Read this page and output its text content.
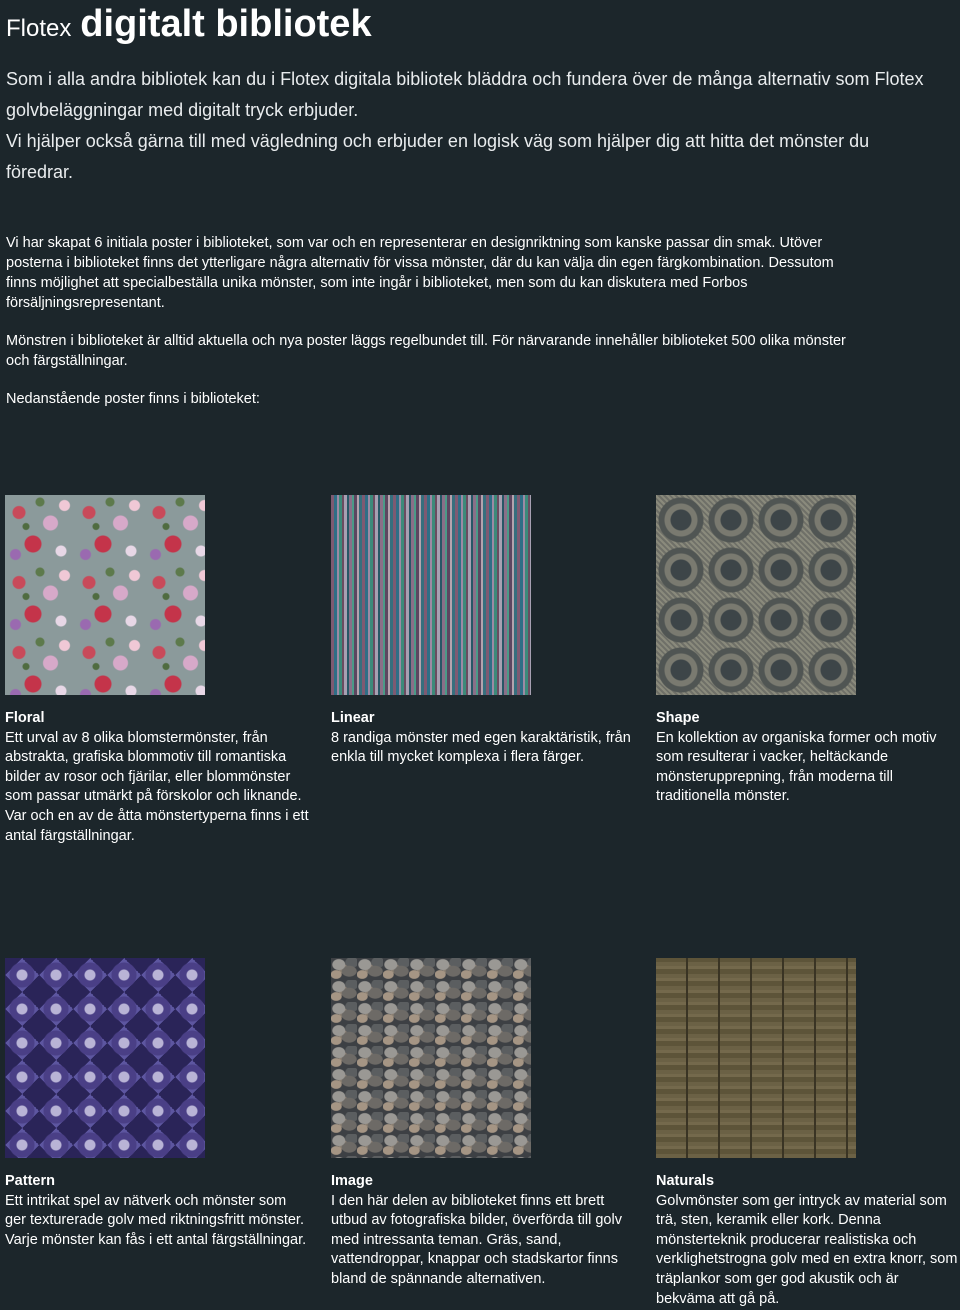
Flotex digitalt bibliotek

Som i alla andra bibliotek kan du i Flotex digitala bibliotek bläddra och fundera över de många alternativ som Flotex golvbeläggningar med digitalt tryck erbjuder.

Vi hjälper också gärna till med vägledning och erbjuder en logisk väg som hjälper dig att hitta det mönster du föredrar.

Vi har skapat 6 initiala poster i biblioteket, som var och en representerar en designriktning som kanske passar din smak. Utöver posterna i biblioteket finns det ytterligare några alternativ för vissa mönster, där du kan välja din egen färgkombination. Dessutom finns möjlighet att specialbeställa unika mönster, som inte ingår i biblioteket, men som du kan diskutera med Forbos försäljningsrepresentant.

Mönstren i biblioteket är alltid aktuella och nya poster läggs regelbundet till. För närvarande innehåller biblioteket 500 olika mönster och färgställningar.

Nedanstående poster finns i biblioteket:

Floral
Ett urval av 8 olika blomstermönster, från abstrakta, grafiska blommotiv till romantiska bilder av rosor och fjärilar, eller blommönster som passar utmärkt på förskolor och liknande. Var och en av de åtta mönstertyperna finns i ett antal färgställningar.
Linear
8 randiga mönster med egen karaktäristik, från enkla till mycket komplexa i flera färger.
Shape
En kollektion av organiska former och motiv som resulterar i vacker, heltäckande mönsterupprepning, från moderna till traditionella mönster.
Pattern
Ett intrikat spel av nätverk och mönster som ger texturerade golv med riktningsfritt mönster. Varje mönster kan fås i ett antal färgställningar.
Image
I den här delen av biblioteket finns ett brett utbud av fotografiska bilder, överförda till golv med intressanta teman. Gräs, sand, vattendroppar, knappar och stadskartor finns bland de spännande alternativen.
Naturals
Golvmönster som ger intryck av material som trä, sten, keramik eller kork. Denna mönsterteknik producerar realistiska och verklighetstrogna golv med en extra knorr, som träplankor som ger god akustik och är bekväma att gå på.
